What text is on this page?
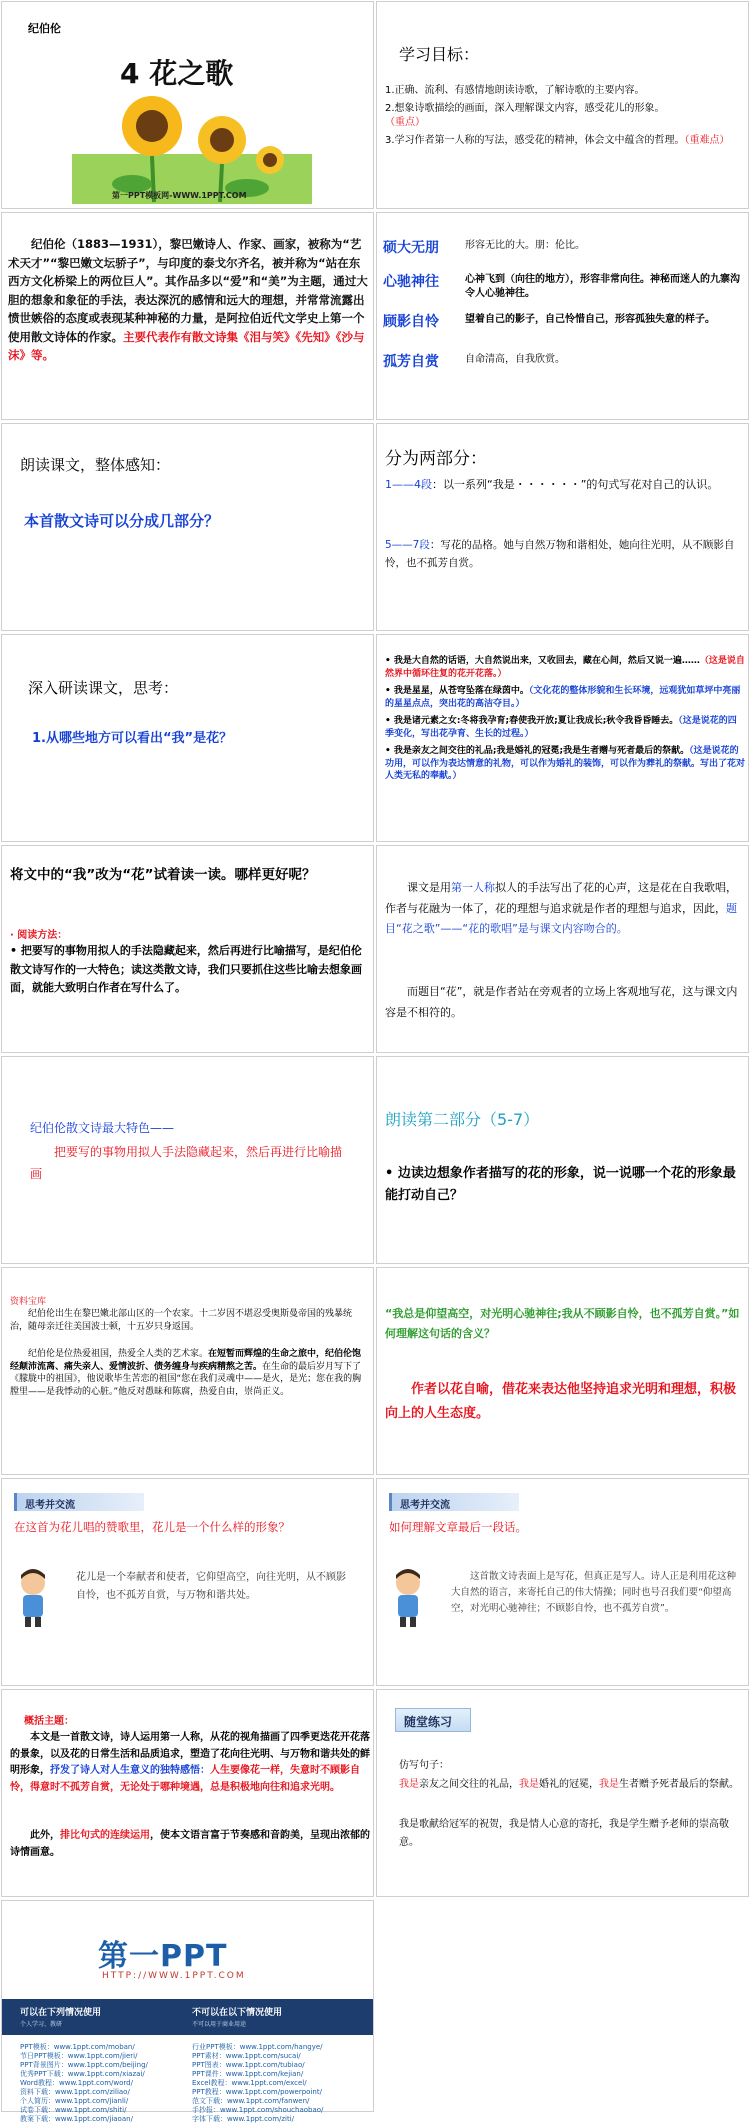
纪伯伦
4 花之歌
第一PPT模板网-WWW.1PPT.COM
学习目标：

1.正确、流利、有感情地朗读诗歌，了解诗歌的主要内容。

2.想象诗歌描绘的画面，深入理解课文内容，感受花儿的形象。

（重点）

3.学习作者第一人称的写法，感受花的精神，体会文中蕴含的哲理。（重难点）

纪伯伦（1883—1931），黎巴嫩诗人、作家、画家，被称为“艺术天才”“黎巴嫩文坛骄子”，与印度的泰戈尔齐名，被并称为“站在东西方文化桥梁上的两位巨人”。其作品多以“爱”和“美”为主题，通过大胆的想象和象征的手法，表达深沉的感情和远大的理想，并常常流露出愤世嫉俗的态度或表现某种神秘的力量，是阿拉伯近代文学史上第一个使用散文诗体的作家。主要代表作有散文诗集《泪与笑》《先知》《沙与沫》等。
硕大无朋	形容无比的大。朋：伦比。
心驰神往	心神飞到（向往的地方），形容非常向往。神秘而迷人的九寨沟令人心驰神往。
顾影自怜	望着自己的影子，自己怜惜自己，形容孤独失意的样子。
孤芳自赏	自命清高，自我欣赏。
朗读课文，整体感知：
本首散文诗可以分成几部分？
分为两部分：
1——4段：以一系列“我是・・・・・・”的句式写花对自己的认识。
5——7段：写花的品格。她与自然万物和谐相处，她向往光明，从不顾影自怜，也不孤芳自赏。
深入研读课文，思考：
1.从哪些地方可以看出“我”是花？

• 我是大自然的话语，大自然说出来，又收回去，藏在心间，然后又说一遍……（这是说自然界中循环往复的花开花落。）

• 我是星星，从苍穹坠落在绿茵中。（文化花的整体形貌和生长环境，远观犹如草坪中亮丽的星星点点，突出花的高洁夺目。）

• 我是诸元素之女:冬将我孕育;春使我开放;夏让我成长;秋令我昏昏睡去。（这是说花的四季变化，写出花孕育、生长的过程。）

• 我是亲友之间交往的礼品;我是婚礼的冠冕;我是生者赠与死者最后的祭献。（这是说花的功用，可以作为表达情意的礼物，可以作为婚礼的装饰，可以作为葬礼的祭献。写出了花对人类无私的奉献。）

将文中的“我”改为“花”试着读一读。哪样更好呢？
· 阅读方法：
• 把要写的事物用拟人的手法隐藏起来，然后再进行比喻描写，是纪伯伦散文诗写作的一大特色；读这类散文诗，我们只要抓住这些比喻去想象画面，就能大致明白作者在写什么了。
课文是用第一人称拟人的手法写出了花的心声，这是花在自我歌唱，作者与花融为一体了，花的理想与追求就是作者的理想与追求，因此，题目“花之歌”——“花的歌唱”是与课文内容吻合的。
而题目“花”，就是作者站在旁观者的立场上客观地写花，这与课文内容是不相符的。
纪伯伦散文诗最大特色——
把要写的事物用拟人手法隐藏起来，然后再进行比喻描画
朗读第二部分（5-7）
• 边读边想象作者描写的花的形象，说一说哪一个花的形象最能打动自己？
资料宝库
纪伯伦出生在黎巴嫩北部山区的一个农家。十二岁因不堪忍受奥斯曼帝国的残暴统治，随母亲迁往美国波士顿，十五岁只身返国。
纪伯伦是位热爱祖国，热爱全人类的艺术家。在短暂而辉煌的生命之旅中，纪伯伦饱经颠沛流离、痛失亲人、爱情波折、债务缠身与疾病精熬之苦。在生命的最后岁月写下了《朦胧中的祖国》，他说歌毕生苦恋的祖国“您在我们灵魂中——是火，是光；您在我的胸膛里——是我悸动的心脏。”他反对愚昧和陈腐，热爱自由，崇尚正义。
“我总是仰望高空，对光明心驰神往;我从不顾影自怜，也不孤芳自赏。”如何理解这句话的含义？
作者以花自喻，借花来表达他坚持追求光明和理想，积极向上的人生态度。
思考并交流
在这首为花儿唱的赞歌里，花儿是一个什么样的形象？
花儿是一个奉献者和使者，它仰望高空，向往光明，从不顾影自怜，也不孤芳自赏，与万物和谐共处。
思考并交流
如何理解文章最后一段话。
这首散文诗表面上是写花，但真正是写人。诗人正是利用花这种大自然的语言，来寄托自己的伟大情操；同时也号召我们要“仰望高空，对光明心驰神往；不顾影自怜，也不孤芳自赏”。
概括主题：
本文是一首散文诗，诗人运用第一人称，从花的视角描画了四季更迭花开花落的景象，以及花的日常生活和品质追求，塑造了花向往光明、与万物和谐共处的鲜明形象，抒发了诗人对人生意义的独特感悟：人生要像花一样，失意时不顾影自怜，得意时不孤芳自赏，无论处于哪种境遇，总是积极地向往和追求光明。
此外，排比句式的连续运用，使本文语言富于节奏感和音韵美，呈现出浓郁的诗情画意。
随堂练习
仿写句子：
我是亲友之间交往的礼品，我是婚礼的冠冕，我是生者赠予死者最后的祭献。
我是歌献给冠军的祝贺，我是情人心意的寄托，我是学生赠予老师的崇高敬意。
第一PPT
HTTP://WWW.1PPT.COM
可以在下列情况使用
个人学习、教研
不可以在以下情况使用
不可以用于商业用途
PPT模板：www.1ppt.com/moban/
节日PPT模板：www.1ppt.com/jieri/
PPT背景图片：www.1ppt.com/beijing/
优秀PPT下载：www.1ppt.com/xiazai/
Word教程：www.1ppt.com/word/
资料下载：www.1ppt.com/ziliao/
个人简历：www.1ppt.com/jianli/
试卷下载：www.1ppt.com/shiti/
教案下载：www.1ppt.com/jiaoan/
行业PPT模板：www.1ppt.com/hangye/
PPT素材：www.1ppt.com/sucai/
PPT图表：www.1ppt.com/tubiao/
PPT课件：www.1ppt.com/kejian/
Excel教程：www.1ppt.com/excel/
PPT教程：www.1ppt.com/powerpoint/
范文下载：www.1ppt.com/fanwen/
手抄报：www.1ppt.com/shouchaobao/
字体下载：www.1ppt.com/ziti/
